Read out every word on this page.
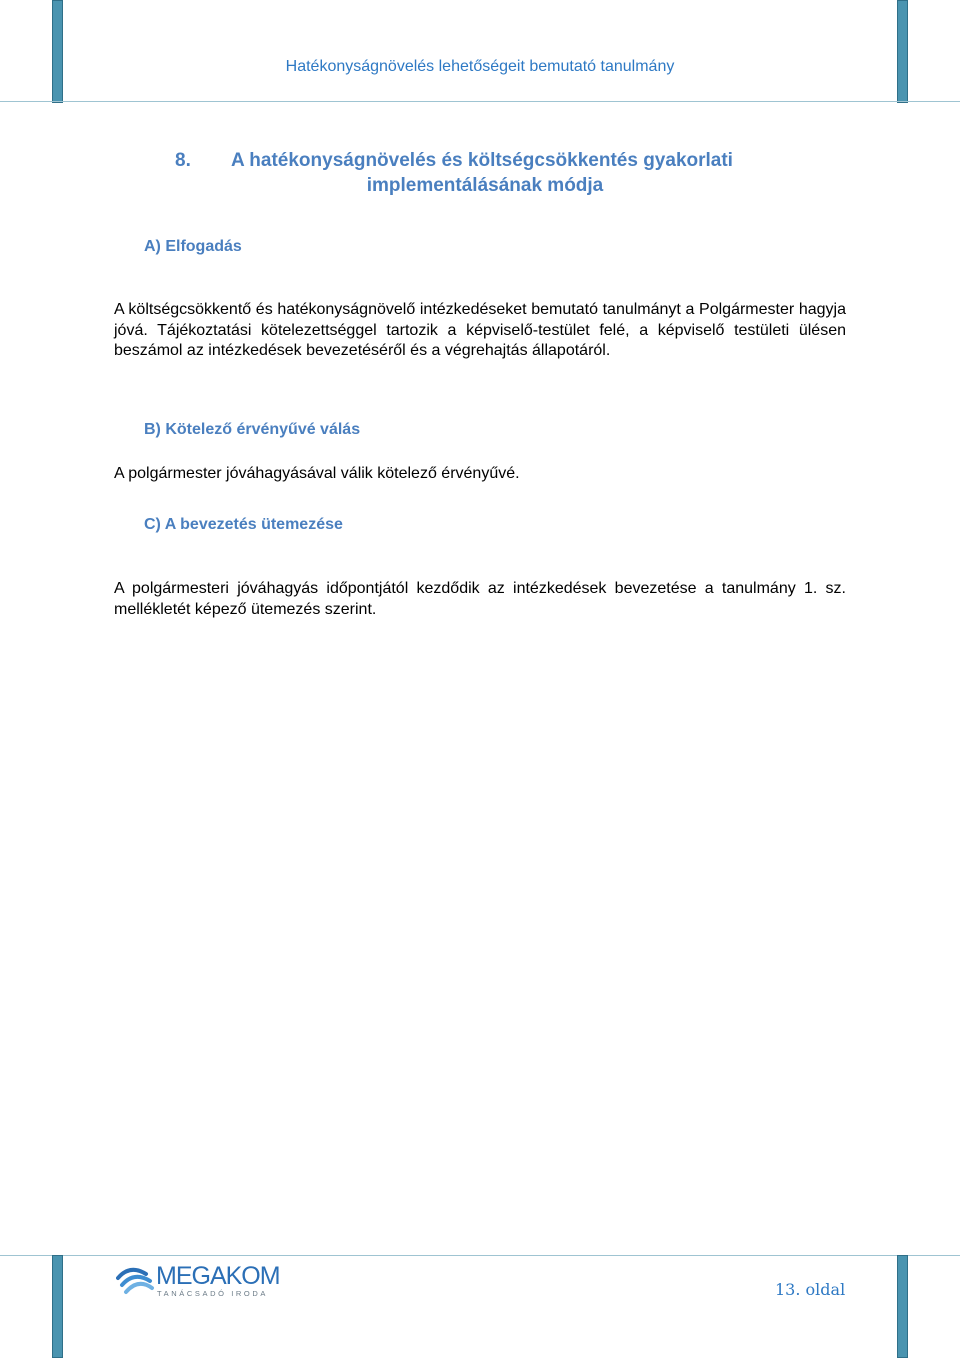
Hatékonyságnövelés lehetőségeit bemutató tanulmány
8. A hatékonyságnövelés és költségcsökkentés gyakorlati
implementálásának módja
A) Elfogadás
A költségcsökkentő és hatékonyságnövelő intézkedéseket bemutató tanulmányt a Polgármester hagyja jóvá. Tájékoztatási kötelezettséggel tartozik a képviselő-testület felé, a képviselő testületi ülésen beszámol az intézkedések bevezetéséről és a végrehajtás állapotáról.
B) Kötelező érvényűvé válás
A polgármester jóváhagyásával válik kötelező érvényűvé.
C) A bevezetés ütemezése
A polgármesteri jóváhagyás időpontjától kezdődik az intézkedések bevezetése a tanulmány 1. sz. mellékletét képező ütemezés szerint.
MEGAKOM
TANÁCSADÓ IRODA	13. oldal
